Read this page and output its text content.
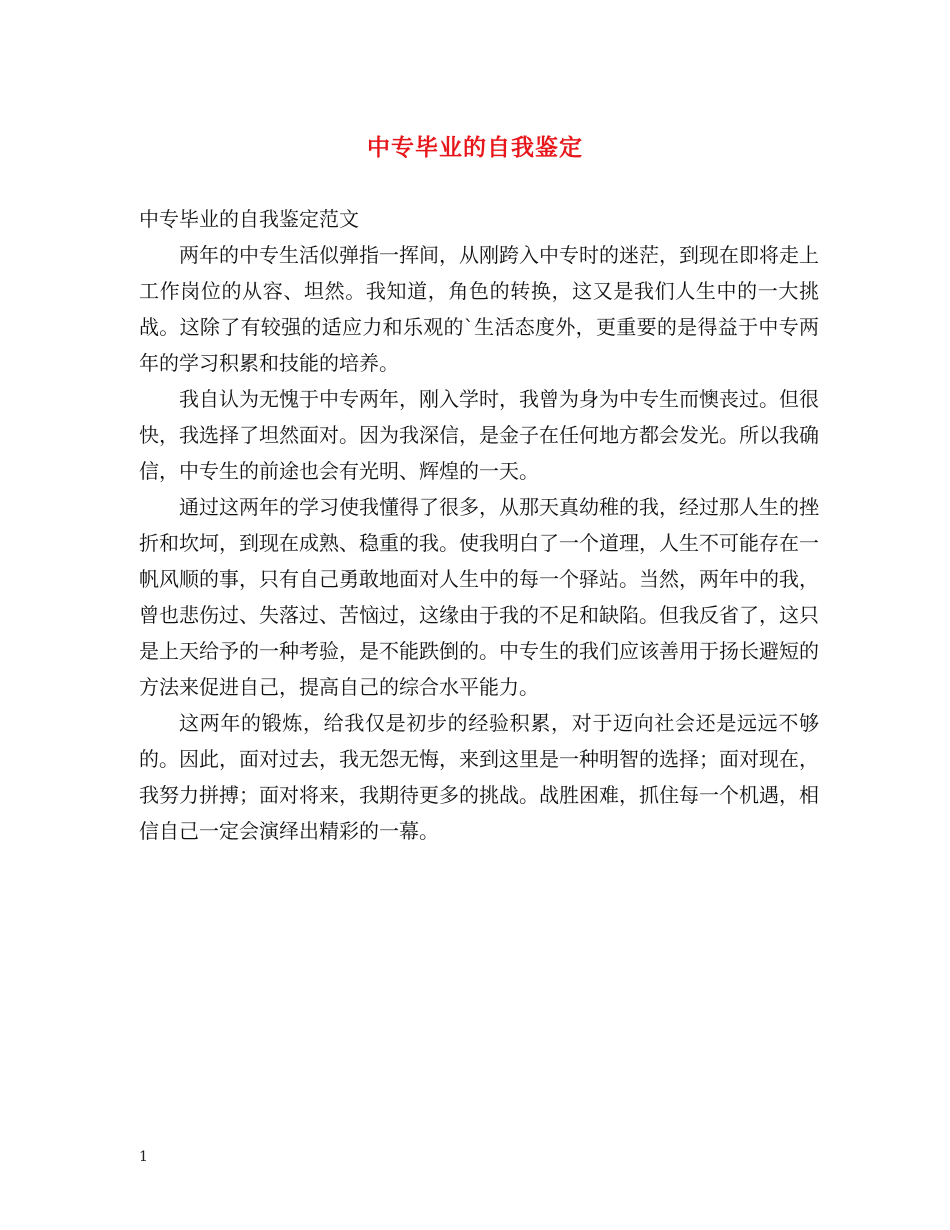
中专毕业的自我鉴定

中专毕业的自我鉴定范文

两年的中专生活似弹指一挥间，从刚跨入中专时的迷茫，到现在即将走上工作岗位的从容、坦然。我知道，角色的转换，这又是我们人生中的一大挑战。这除了有较强的适应力和乐观的`生活态度外，更重要的是得益于中专两年的学习积累和技能的培养。

我自认为无愧于中专两年，刚入学时，我曾为身为中专生而懊丧过。但很快，我选择了坦然面对。因为我深信，是金子在任何地方都会发光。所以我确信，中专生的前途也会有光明、辉煌的一天。

通过这两年的学习使我懂得了很多，从那天真幼稚的我，经过那人生的挫折和坎坷，到现在成熟、稳重的我。使我明白了一个道理，人生不可能存在一帆风顺的事，只有自己勇敢地面对人生中的每一个驿站。当然，两年中的我，曾也悲伤过、失落过、苦恼过，这缘由于我的不足和缺陷。但我反省了，这只是上天给予的一种考验，是不能跌倒的。中专生的我们应该善用于扬长避短的方法来促进自己，提高自己的综合水平能力。

这两年的锻炼，给我仅是初步的经验积累，对于迈向社会还是远远不够的。因此，面对过去，我无怨无悔，来到这里是一种明智的选择；面对现在，我努力拼搏；面对将来，我期待更多的挑战。战胜困难，抓住每一个机遇，相信自己一定会演绎出精彩的一幕。

1
